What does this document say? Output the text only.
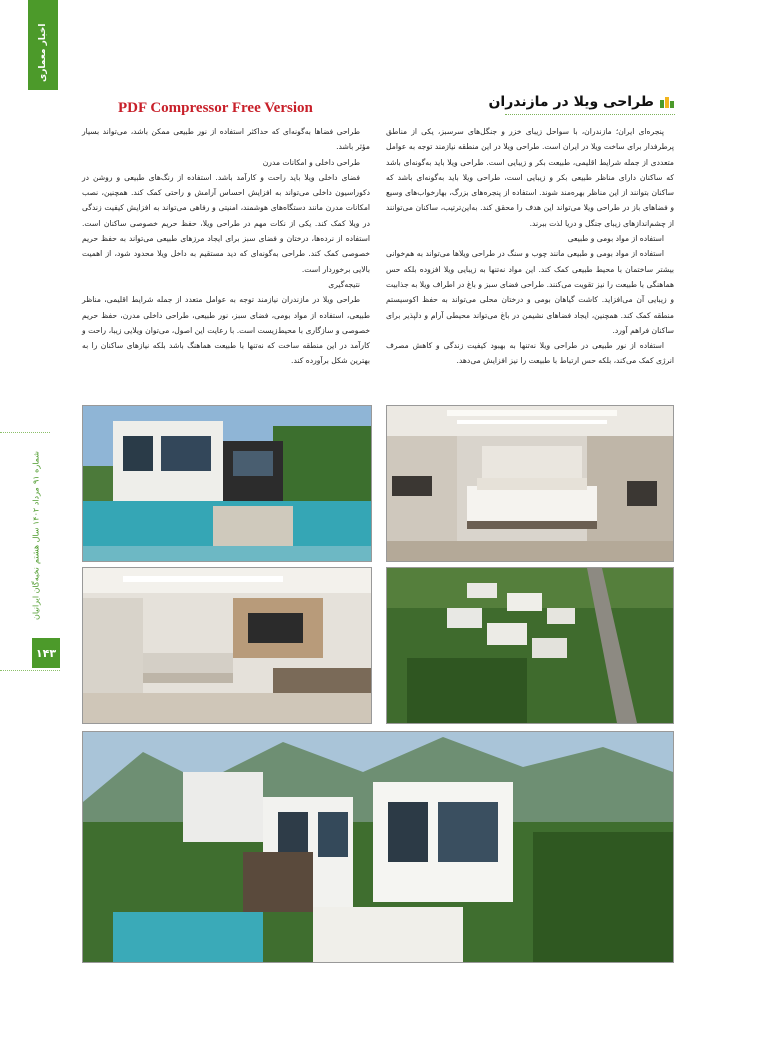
اخبار معماری
نخبه‌گان ایرانیان
سال هشتم
مرداد ۱۴۰۲
شماره ۹۱
۱۴۳
PDF Compressor Free Version	طراحی ویلا در مازندران

پنجره‌ای ایران؛ مازندران، با سواحل زیبای خزر و جنگل‌های سرسبز، یکی از مناطق پرطرفدار برای ساخت ویلا در ایران است. طراحی ویلا در این منطقه نیازمند توجه به عوامل متعددی از جمله شرایط اقلیمی، طبیعت بکر و زیبایی است. طراحی ویلا باید به‌گونه‌ای باشد که ساکنان دارای مناظر طبیعی بکر و زیبایی است، طراحی ویلا باید به‌گونه‌ای باشد که ساکنان بتوانند از این مناظر بهره‌مند شوند. استفاده از پنجره‌های بزرگ، بهارخواب‌های وسیع و فضاهای باز در طراحی ویلا می‌تواند این هدف را محقق کند. به‌این‌ترتیب، ساکنان می‌توانند از چشم‌اندازهای زیبای جنگل و دریا لذت ببرند.

استفاده از مواد بومی و طبیعی

استفاده از مواد بومی و طبیعی مانند چوب و سنگ در طراحی ویلاها می‌تواند به هم‌خوانی بیشتر ساختمان با محیط طبیعی کمک کند. این مواد نه‌تنها به زیبایی ویلا افزوده بلکه حس هماهنگی با طبیعت را نیز تقویت می‌کنند. طراحی فضای سبز و باغ در اطراف ویلا به جذابیت و زیبایی آن می‌افزاید. کاشت گیاهان بومی و درختان محلی می‌تواند به حفظ اکوسیستم منطقه کمک کند. همچنین، ایجاد فضاهای نشیمن در باغ می‌تواند محیطی آرام و دلپذیر برای ساکنان فراهم آورد.

استفاده از نور طبیعی در طراحی ویلا نه‌تنها به بهبود کیفیت زندگی و کاهش مصرف انرژی کمک می‌کند، بلکه حس ارتباط با طبیعت را نیز افزایش می‌دهد.

طراحی فضاها به‌گونه‌ای که حداکثر استفاده از نور طبیعی ممکن باشد، می‌تواند بسیار مؤثر باشد.

طراحی داخلی و امکانات مدرن

فضای داخلی ویلا باید راحت و کارآمد باشد. استفاده از رنگ‌های طبیعی و روشن در دکوراسیون داخلی می‌تواند به افزایش احساس آرامش و راحتی کمک کند. همچنین، نصب امکانات مدرن مانند دستگاه‌های هوشمند، امنیتی و رفاهی می‌تواند به افزایش کیفیت زندگی در ویلا کمک کند. یکی از نکات مهم در طراحی ویلا، حفظ حریم خصوصی ساکنان است. استفاده از نرده‌ها، درختان و فضای سبز برای ایجاد مرزهای طبیعی می‌تواند به حفظ حریم خصوصی کمک کند. طراحی به‌گونه‌ای که دید مستقیم به داخل ویلا محدود شود، از اهمیت بالایی برخوردار است.

نتیجه‌گیری

طراحی ویلا در مازندران نیازمند توجه به عوامل متعدد از جمله شرایط اقلیمی، مناظر طبیعی، استفاده از مواد بومی، فضای سبز، نور طبیعی، طراحی داخلی مدرن، حفظ حریم خصوصی و سازگاری با محیط‌زیست است. با رعایت این اصول، می‌توان ویلایی زیبا، راحت و کارآمد در این منطقه ساخت که نه‌تنها با طبیعت هماهنگ باشد بلکه نیازهای ساکنان را به بهترین شکل برآورده کند.
